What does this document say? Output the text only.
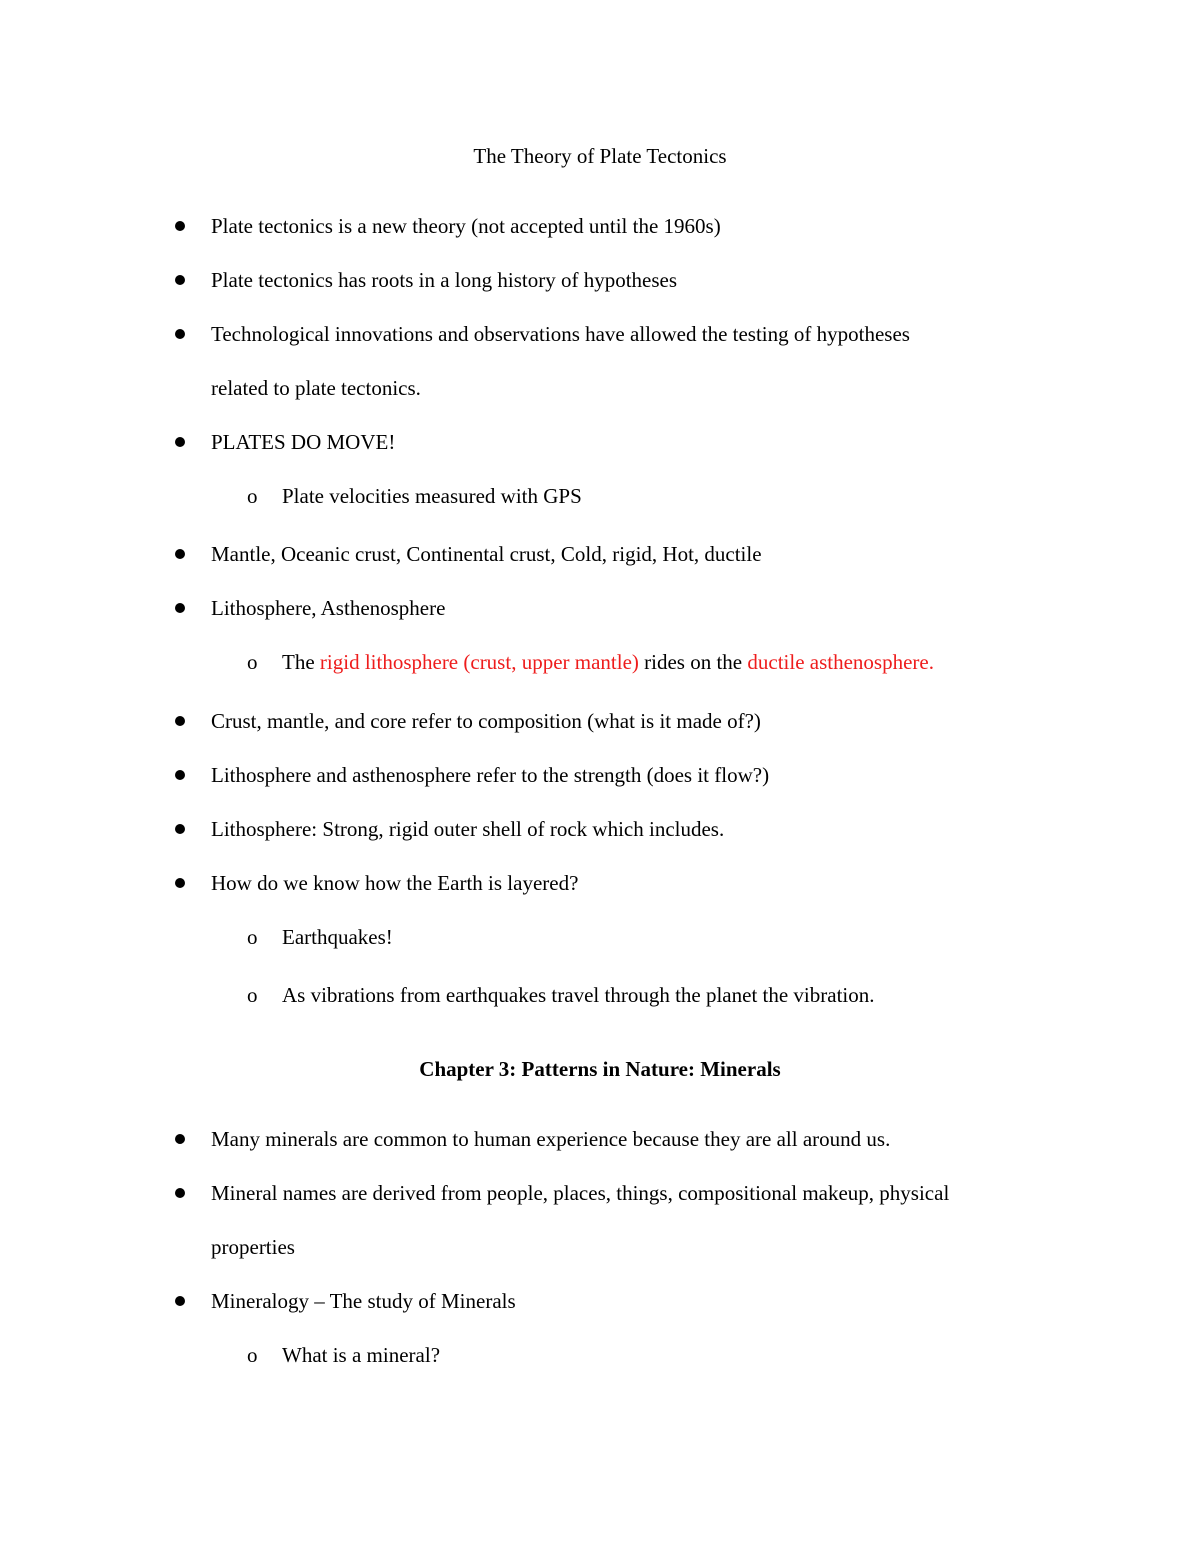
The Theory of Plate Tectonics
Plate tectonics is a new theory (not accepted until the 1960s)
Plate tectonics has roots in a long history of hypotheses
Technological innovations and observations have allowed the testing of hypotheses
related to plate tectonics.
PLATES DO MOVE!
o Plate velocities measured with GPS
Mantle, Oceanic crust, Continental crust, Cold, rigid, Hot, ductile
Lithosphere, Asthenosphere
o The rigid lithosphere (crust, upper mantle) rides on the ductile asthenosphere.
Crust, mantle, and core refer to composition (what is it made of?)
Lithosphere and asthenosphere refer to the strength (does it flow?)
Lithosphere: Strong, rigid outer shell of rock which includes.
How do we know how the Earth is layered?
o Earthquakes!
o As vibrations from earthquakes travel through the planet the vibration.
Chapter 3: Patterns in Nature: Minerals
Many minerals are common to human experience because they are all around us.
Mineral names are derived from people, places, things, compositional makeup, physical
properties
Mineralogy – The study of Minerals
o What is a mineral?
